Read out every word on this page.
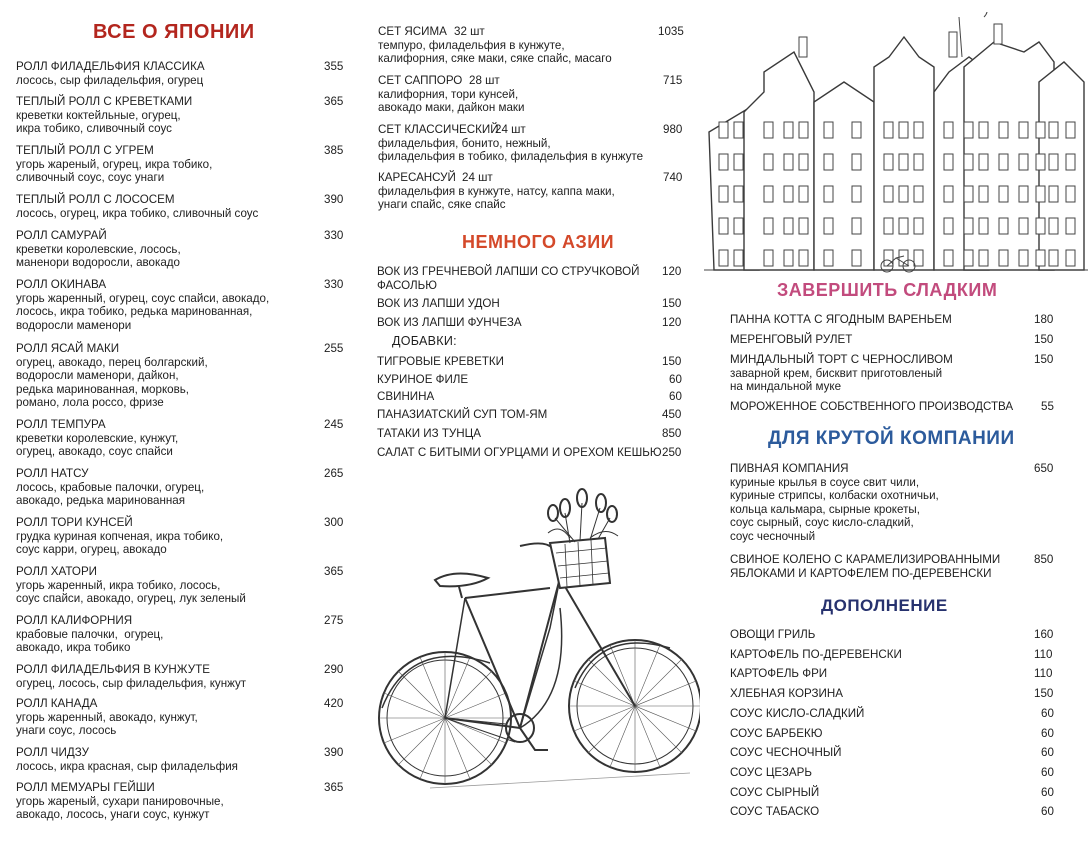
ВСЕ О ЯПОНИИ
РОЛЛ ФИЛАДЕЛЬФИЯ КЛАССИКА
лосось, сыр филадельфия, огурец
355
ТЕПЛЫЙ РОЛЛ С КРЕВЕТКАМИ
креветки коктейльные, огурец,
икра тобико, сливочный соус
365
ТЕПЛЫЙ РОЛЛ С УГРЕМ
угорь жареный, огурец, икра тобико,
сливочный соус, соус унаги
385
ТЕПЛЫЙ РОЛЛ С ЛОСОСЕМ
лосось, огурец, икра тобико, сливочный соус
390
РОЛЛ САМУРАЙ
креветки королевские, лосось,
маненори водоросли, авокадо
330
РОЛЛ ОКИНАВА
угорь жаренный, огурец, соус спайси, авокадо,
лосось, икра тобико, редька маринованная,
водоросли маменори
330
РОЛЛ ЯСАЙ МАКИ
огурец, авокадо, перец болгарский,
водоросли маменори, дайкон,
редька маринованная, морковь,
романо, лола россо, фризе
255
РОЛЛ ТЕМПУРА
креветки королевские, кунжут,
огурец, авокадо, соус спайси
245
РОЛЛ НАТСУ
лосось, крабовые палочки, огурец,
авокадо, редька маринованная
265
РОЛЛ ТОРИ КУНСЕЙ
грудка куриная копченая, икра тобико,
соус карри, огурец, авокадо
300
РОЛЛ ХАТОРИ
угорь жаренный, икра тобико, лосось,
соус спайси, авокадо, огурец, лук зеленый
365
РОЛЛ КАЛИФОРНИЯ
крабовые палочки,  огурец,
авокадо, икра тобико
275
РОЛЛ ФИЛАДЕЛЬФИЯ В КУНЖУТЕ
огурец, лосось, сыр филадельфия, кунжут
290
РОЛЛ КАНАДА
угорь жаренный, авокадо, кунжут,
унаги соус, лосось
420
РОЛЛ ЧИДЗУ
лосось, икра красная, сыр филадельфия
390
РОЛЛ МЕМУАРЫ ГЕЙШИ
угорь жареный, сухари панировочные,
авокадо, лосось, унаги соус, кунжут
365
СЕТ ЯСИМА 32 шт
темпуро, филадельфия в кунжуте,
калифорния, сяке маки, сяке спайс, масаго
1035
СЕТ САППОРО 28 шт
калифорния, тори кунсей,
авокадо маки, дайкон маки
715
СЕТ КЛАССИЧЕСКИЙ
24 шт
филадельфия, бонито, нежный,
филадельфия в тобико, филадельфия в кунжуте
980
КАРЕСАНСУЙ 24 шт
филадельфия в кунжуте, натсу, каппа маки,
унаги спайс, сяке спайс
740
НЕМНОГО АЗИИ
ВОК ИЗ ГРЕЧНЕВОЙ ЛАПШИ СО СТРУЧКОВОЙ
ФАСОЛЬЮ
120
ВОК ИЗ ЛАПШИ УДОН	150
ВОК ИЗ ЛАПШИ ФУНЧЕЗА	120
ДОБАВКИ:
ТИГРОВЫЕ КРЕВЕТКИ	150
КУРИНОЕ ФИЛЕ	60
СВИНИНА	60
ПАНАЗИАТСКИЙ СУП ТОМ-ЯМ	450
ТАТАКИ ИЗ ТУНЦА	850
САЛАТ С БИТЫМИ ОГУРЦАМИ И ОРЕХОМ КЕШЬЮ 250
ЗАВЕРШИТЬ СЛАДКИМ
ПАННА КОТТА С ЯГОДНЫМ ВАРЕНЬЕМ	180
МЕРЕНГОВЫЙ РУЛЕТ	150
МИНДАЛЬНЫЙ ТОРТ С ЧЕРНОСЛИВОМ
заварной крем, бисквит приготовленый
на миндальной муке
150
МОРОЖЕННОЕ СОБСТВЕННОГО ПРОИЗВОДСТВА 55
ДЛЯ КРУТОЙ КОМПАНИИ
ПИВНАЯ КОМПАНИЯ
куриные крылья в соусе свит чили,
куриные стрипсы, колбаски охотничьи,
кольца кальмара, сырные крокеты,
соус сырный, соус кисло-сладкий,
соус чесночный
650
СВИНОЕ КОЛЕНО С КАРАМЕЛИЗИРОВАННЫМИ
ЯБЛОКАМИ И КАРТОФЕЛЕМ ПО-ДЕРЕВЕНСКИ
850
ДОПОЛНЕНИЕ
ОВОЩИ ГРИЛЬ	160
КАРТОФЕЛЬ ПО-ДЕРЕВЕНСКИ	110
КАРТОФЕЛЬ ФРИ	110
ХЛЕБНАЯ КОРЗИНА	150
СОУС КИСЛО-СЛАДКИЙ	60
СОУС БАРБЕКЮ	60
СОУС ЧЕСНОЧНЫЙ	60
СОУС ЦЕЗАРЬ	60
СОУС СЫРНЫЙ	60
СОУС ТАБАСКО	60
